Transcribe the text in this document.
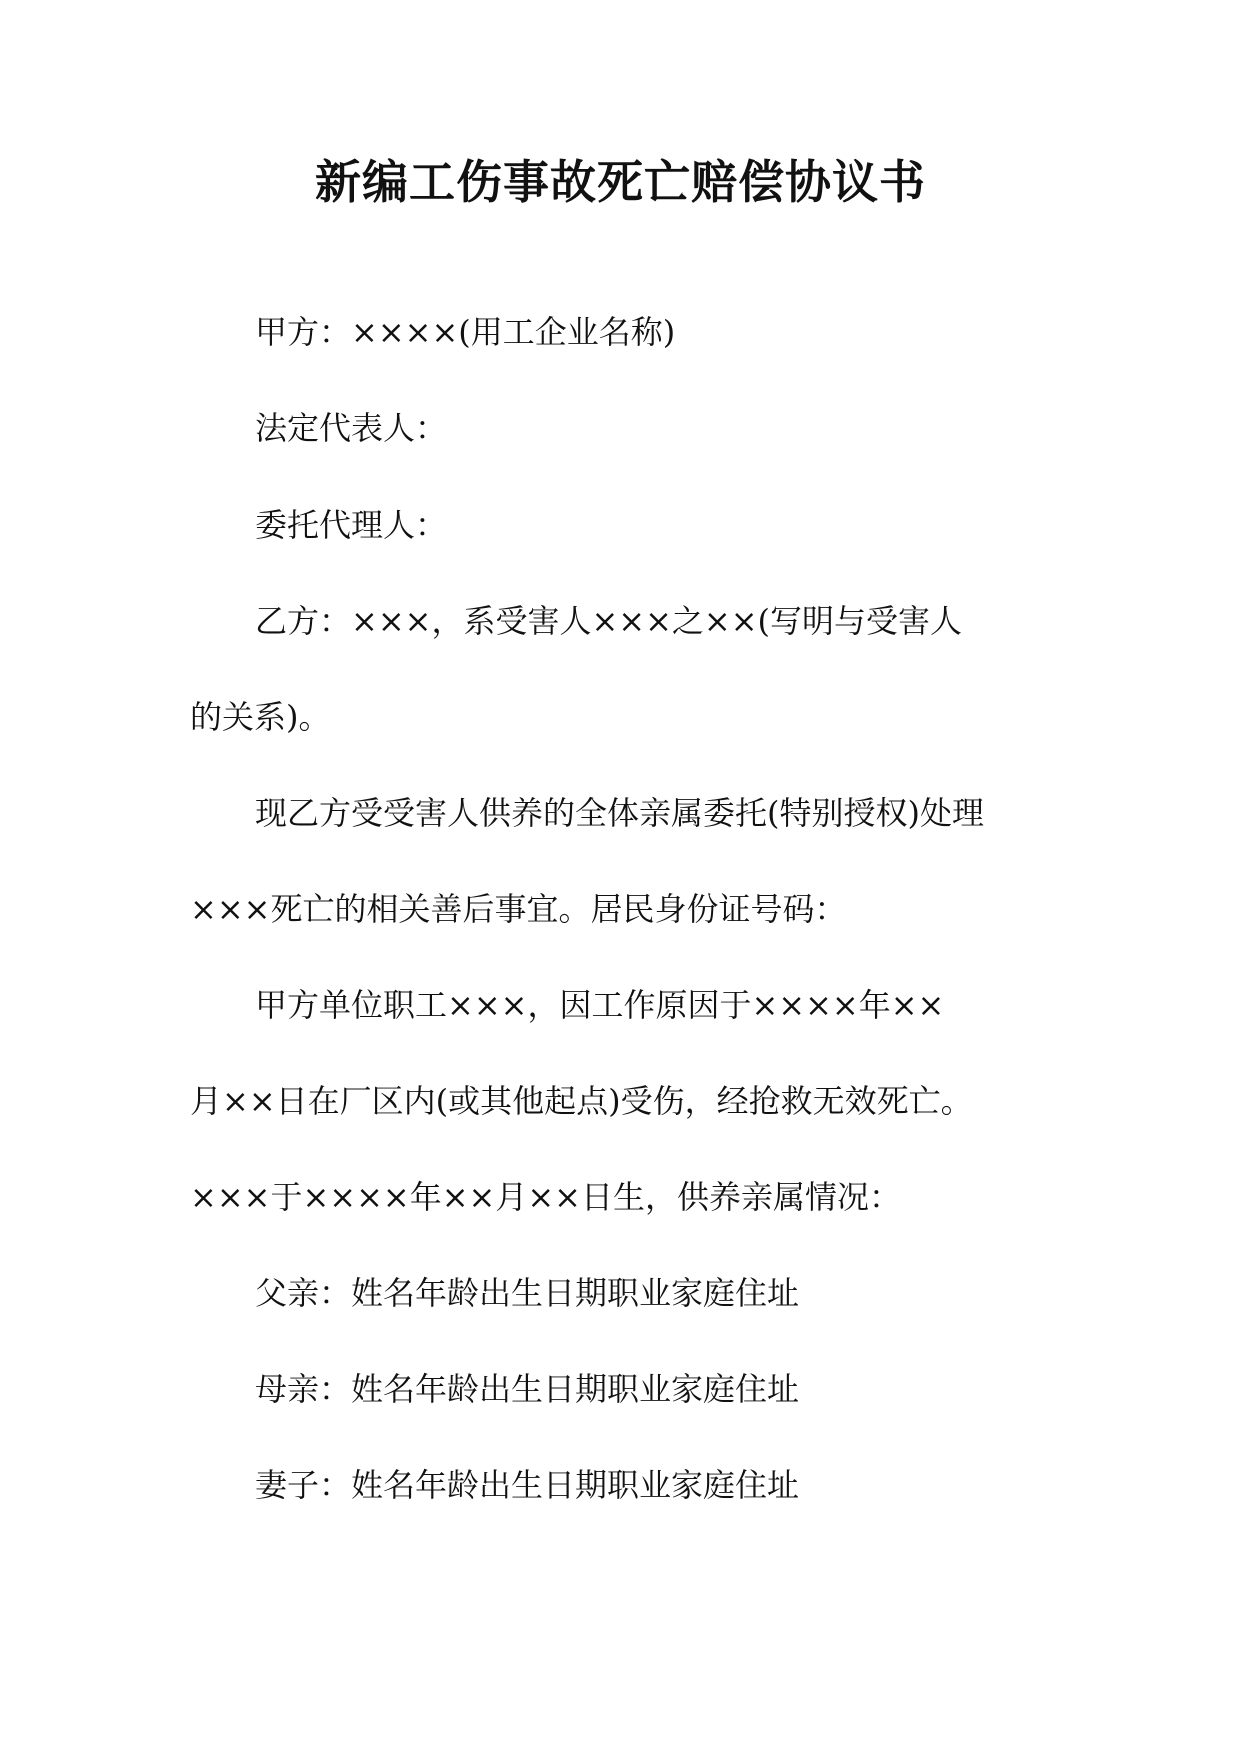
新编工伤事故死亡赔偿协议书

甲方：××××(用工企业名称)

法定代表人：

委托代理人：

乙方：×××，系受害人×××之××(写明与受害人

的关系)。

现乙方受受害人供养的全体亲属委托(特别授权)处理

×××死亡的相关善后事宜。居民身份证号码：

甲方单位职工×××，因工作原因于××××年××

月××日在厂区内(或其他起点)受伤，经抢救无效死亡。

×××于××××年××月××日生，供养亲属情况：

父亲：姓名年龄出生日期职业家庭住址

母亲：姓名年龄出生日期职业家庭住址

妻子：姓名年龄出生日期职业家庭住址
